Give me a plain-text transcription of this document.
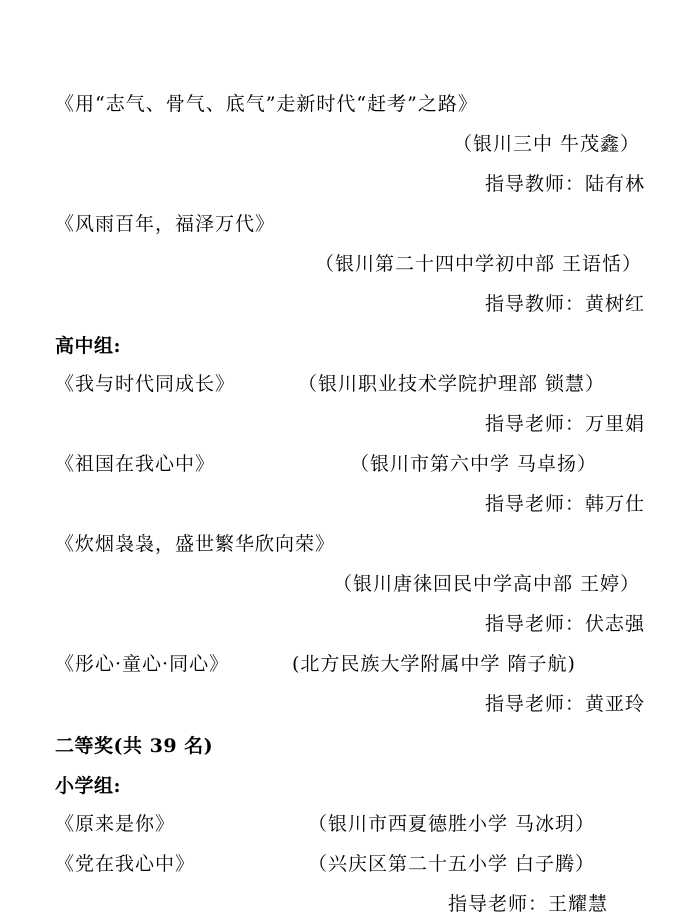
《用“志气、骨气、底气”走新时代“赶考”之路》
（银川三中 牛茂鑫）
指导教师：陆有林
《风雨百年，福泽万代》
（银川第二十四中学初中部 王语恬）
指导教师：黄树红
高中组:
《我与时代同成长》	（银川职业技术学院护理部 锁慧）
指导老师：万里娟
《祖国在我心中》	（银川市第六中学 马卓扬）
指导老师：韩万仕
《炊烟袅袅，盛世繁华欣向荣》
（银川唐徕回民中学高中部 王婷）
指导老师：伏志强
《彤心·童心·同心》	(北方民族大学附属中学 隋子航)
指导老师：黄亚玲
二等奖(共 39 名)
小学组:
《原来是你》	（银川市西夏德胜小学 马冰玥）
《党在我心中》	（兴庆区第二十五小学 白子腾）
指导老师：王耀慧
